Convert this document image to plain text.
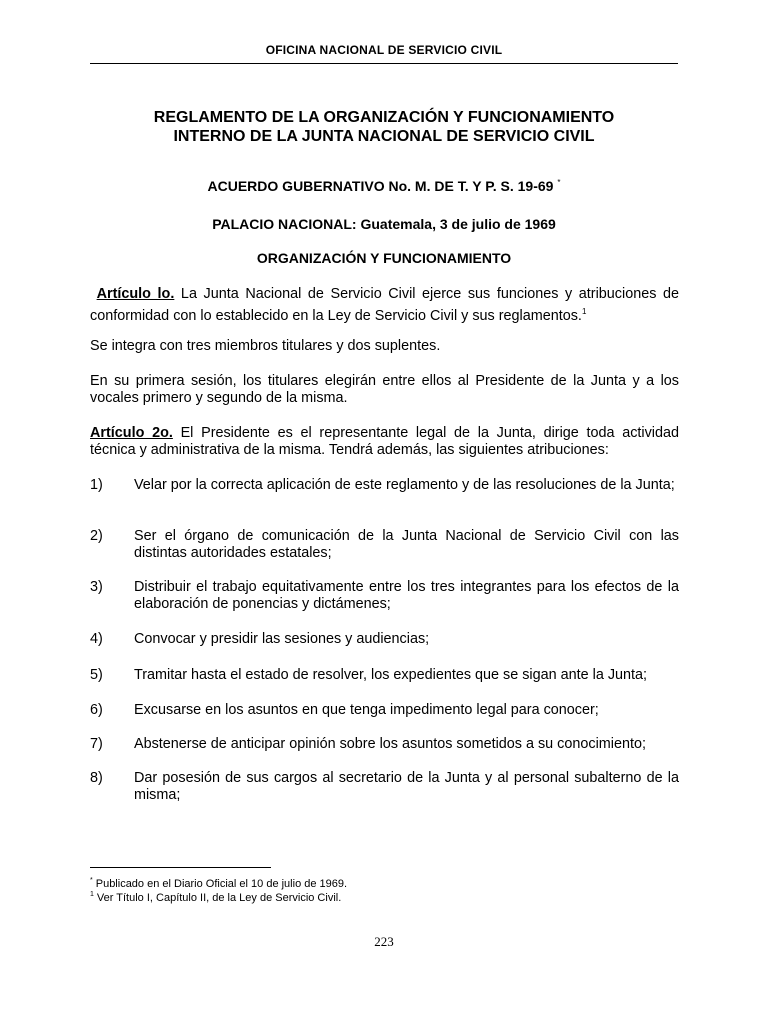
OFICINA NACIONAL DE SERVICIO CIVIL
REGLAMENTO DE LA ORGANIZACIÓN Y FUNCIONAMIENTO
INTERNO DE LA JUNTA NACIONAL DE SERVICIO CIVIL
ACUERDO GUBERNATIVO No. M. DE T. Y P. S. 19-69 *
PALACIO NACIONAL: Guatemala, 3 de julio de 1969
ORGANIZACIÓN Y FUNCIONAMIENTO
Artículo lo. La Junta Nacional de Servicio Civil ejerce sus funciones y atribuciones de conformidad con lo establecido en la Ley de Servicio Civil y sus reglamentos.$^1$
Se integra con tres miembros titulares y dos suplentes.
En su primera sesión, los titulares elegirán entre ellos al Presidente de la Junta y a los vocales primero y segundo de la misma.
Artículo 2o. El Presidente es el representante legal de la Junta, dirige toda actividad técnica y administrativa de la misma. Tendrá además, las siguientes atribuciones:
1)	Velar por la correcta aplicación de este reglamento y de las resoluciones de la Junta;
2)	Ser el órgano de comunicación de la Junta Nacional de Servicio Civil con las distintas autoridades estatales;
3)	Distribuir el trabajo equitativamente entre los tres integrantes para los efectos de la elaboración de ponencias y dictámenes;
4)	Convocar y presidir las sesiones y audiencias;
5)	Tramitar hasta el estado de resolver, los expedientes que se sigan ante la Junta;
6)	Excusarse en los asuntos en que tenga impedimento legal para conocer;
7)	Abstenerse de anticipar opinión sobre los asuntos sometidos a su conocimiento;
8)	Dar posesión de sus cargos al secretario de la Junta y al personal subalterno de la misma;
* Publicado en el Diario Oficial el 10 de julio de 1969.
$^1$ Ver Título I, Capítulo II, de la Ley de Servicio Civil.
223
